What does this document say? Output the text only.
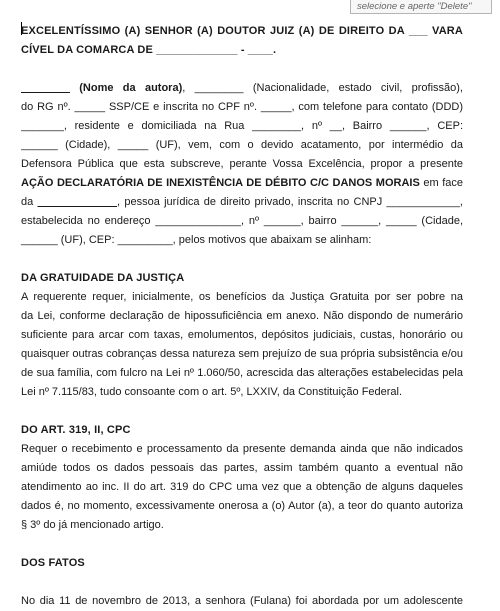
selecione e aperte "Delete"
EXCELENTÍSSIMO (A) SENHOR (A) DOUTOR JUIZ (A) DE DIREITO DA ___ VARA
CÍVEL DA COMARCA DE _____________ - ____.
________ (Nome da autora), ________ (Nacionalidade, estado civil, profissão),
do RG nº. _____ SSP/CE e inscrita no CPF nº. _____, com telefone para contato (DDD)
_______, residente e domiciliada na Rua ________, nº __, Bairro ______, CEP:
______ (Cidade), _____ (UF), vem, com o devido acatamento, por intermédio da
Defensora Pública que esta subscreve, perante Vossa Excelência, propor a presente
AÇÃO DECLARATÓRIA DE INEXISTÊNCIA DE DÉBITO C/C DANOS MORAIS em face
da _____________, pessoa jurídica de direito privado, inscrita no CNPJ ____________,
estabelecida no endereço ______________, nº ______, bairro ______, _____ (Cidade,
______ (UF), CEP: _________, pelos motivos que abaixam se alinham:
DA GRATUIDADE DA JUSTIÇA
A requerente requer, inicialmente, os benefícios da Justiça Gratuita por ser pobre na
da Lei, conforme declaração de hipossuficiência em anexo. Não dispondo de numerário
suficiente para arcar com taxas, emolumentos, depósitos judiciais, custas, honorário ou
quaisquer outras cobranças dessa natureza sem prejuízo de sua própria subsistência e/ou
de sua família, com fulcro na Lei nº 1.060/50, acrescida das alterações estabelecidas pela
Lei nº 7.115/83, tudo consoante com o art. 5º, LXXIV, da Constituição Federal.
DO ART. 319, II, CPC
Requer o recebimento e processamento da presente demanda ainda que não indicados
amiúde todos os dados pessoais das partes, assim também quanto a eventual não
atendimento ao inc. II do art. 319 do CPC uma vez que a obtenção de alguns daqueles
dados é, no momento, excessivamente onerosa a (o) Autor (a), a teor do quanto autoriza
§ 3º do já mencionado artigo.
DOS FATOS
No dia 11 de novembro de 2013, a senhora (Fulana) foi abordada por um adolescente
